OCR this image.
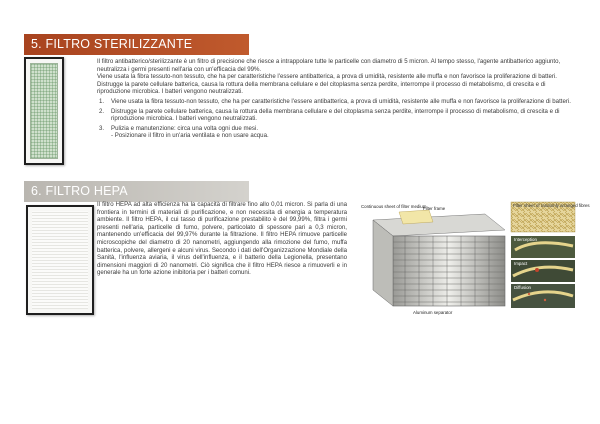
5. FILTRO STERILIZZANTE

Il filtro antibatterico/sterilizzante è un filtro di precisione che riesce a intrappolare tutte le particelle con diametro di 5 micron. Al tempo stesso, l'agente antibatterico aggiunto, neutralizza i germi presenti nell'aria con un'efficacia del 99%.

Viene usata la fibra tessuto-non tessuto, che ha per caratteristiche l'essere antibatterica, a prova di umidità, resistente alle muffa e non favorisce la proliferazione di batteri. Distrugge la parete cellulare batterica, causa la rottura della membrana cellulare e del citoplasma senza perdite, interrompe il processo di metabolismo, di crescita e di riproduzione microbica. I batteri vengono neutralizzati.

1. Viene usata la fibra tessuto-non tessuto, che ha per caratteristiche l'essere antibatterica, a prova di umidità, resistente alle muffa e non favorisce la proliferazione di batteri.
2. Distrugge la parete cellulare batterica, causa la rottura della membrana cellulare e del citoplasma senza perdite, interrompe il processo di metabolismo, di crescita e di riproduzione microbica. I batteri vengono neutralizzati.
3. Pulizia e manutenzione: circa una volta ogni due mesi.
- Posizionare il filtro in un'aria ventilata e non usare acqua.
6. FILTRO HEPA

Il filtro HEPA ad alta efficienza ha la capacità di filtrare fino allo 0,01 micron. Si parla di una frontiera in termini di materiali di purificazione, e non necessita di energia a temperatura ambiente. Il filtro HEPA, il cui tasso di purificazione prestabilito è del 99,99%, filtra i germi presenti nell'aria, particelle di fumo, polvere, particolato di spessore pari a 0,3 micron, mantenendo un'efficacia del 99,97% durante la filtrazione. Il filtro HEPA rimuove particelle microscopiche del diametro di 20 nanometri, aggiungendo alla rimozione del fumo, muffa batterica, polvere, allergeni e alcuni virus. Secondo i dati dell'Organizzazione Mondiale della Sanità, l'influenza aviaria, il virus dell'influenza, e il batterio della Legionella, presentano dimensioni maggiori di 20 nanometri. Ciò significa che il filtro HEPA riesce a rimuoverli e in generale ha un forte azione inibitoria per i batteri comuni.

Continuous sheet of filter medium
Filter frame
Aluminum separator
Filter sheet of randomly arranged fibres
Interception
Impact
Diffusion
